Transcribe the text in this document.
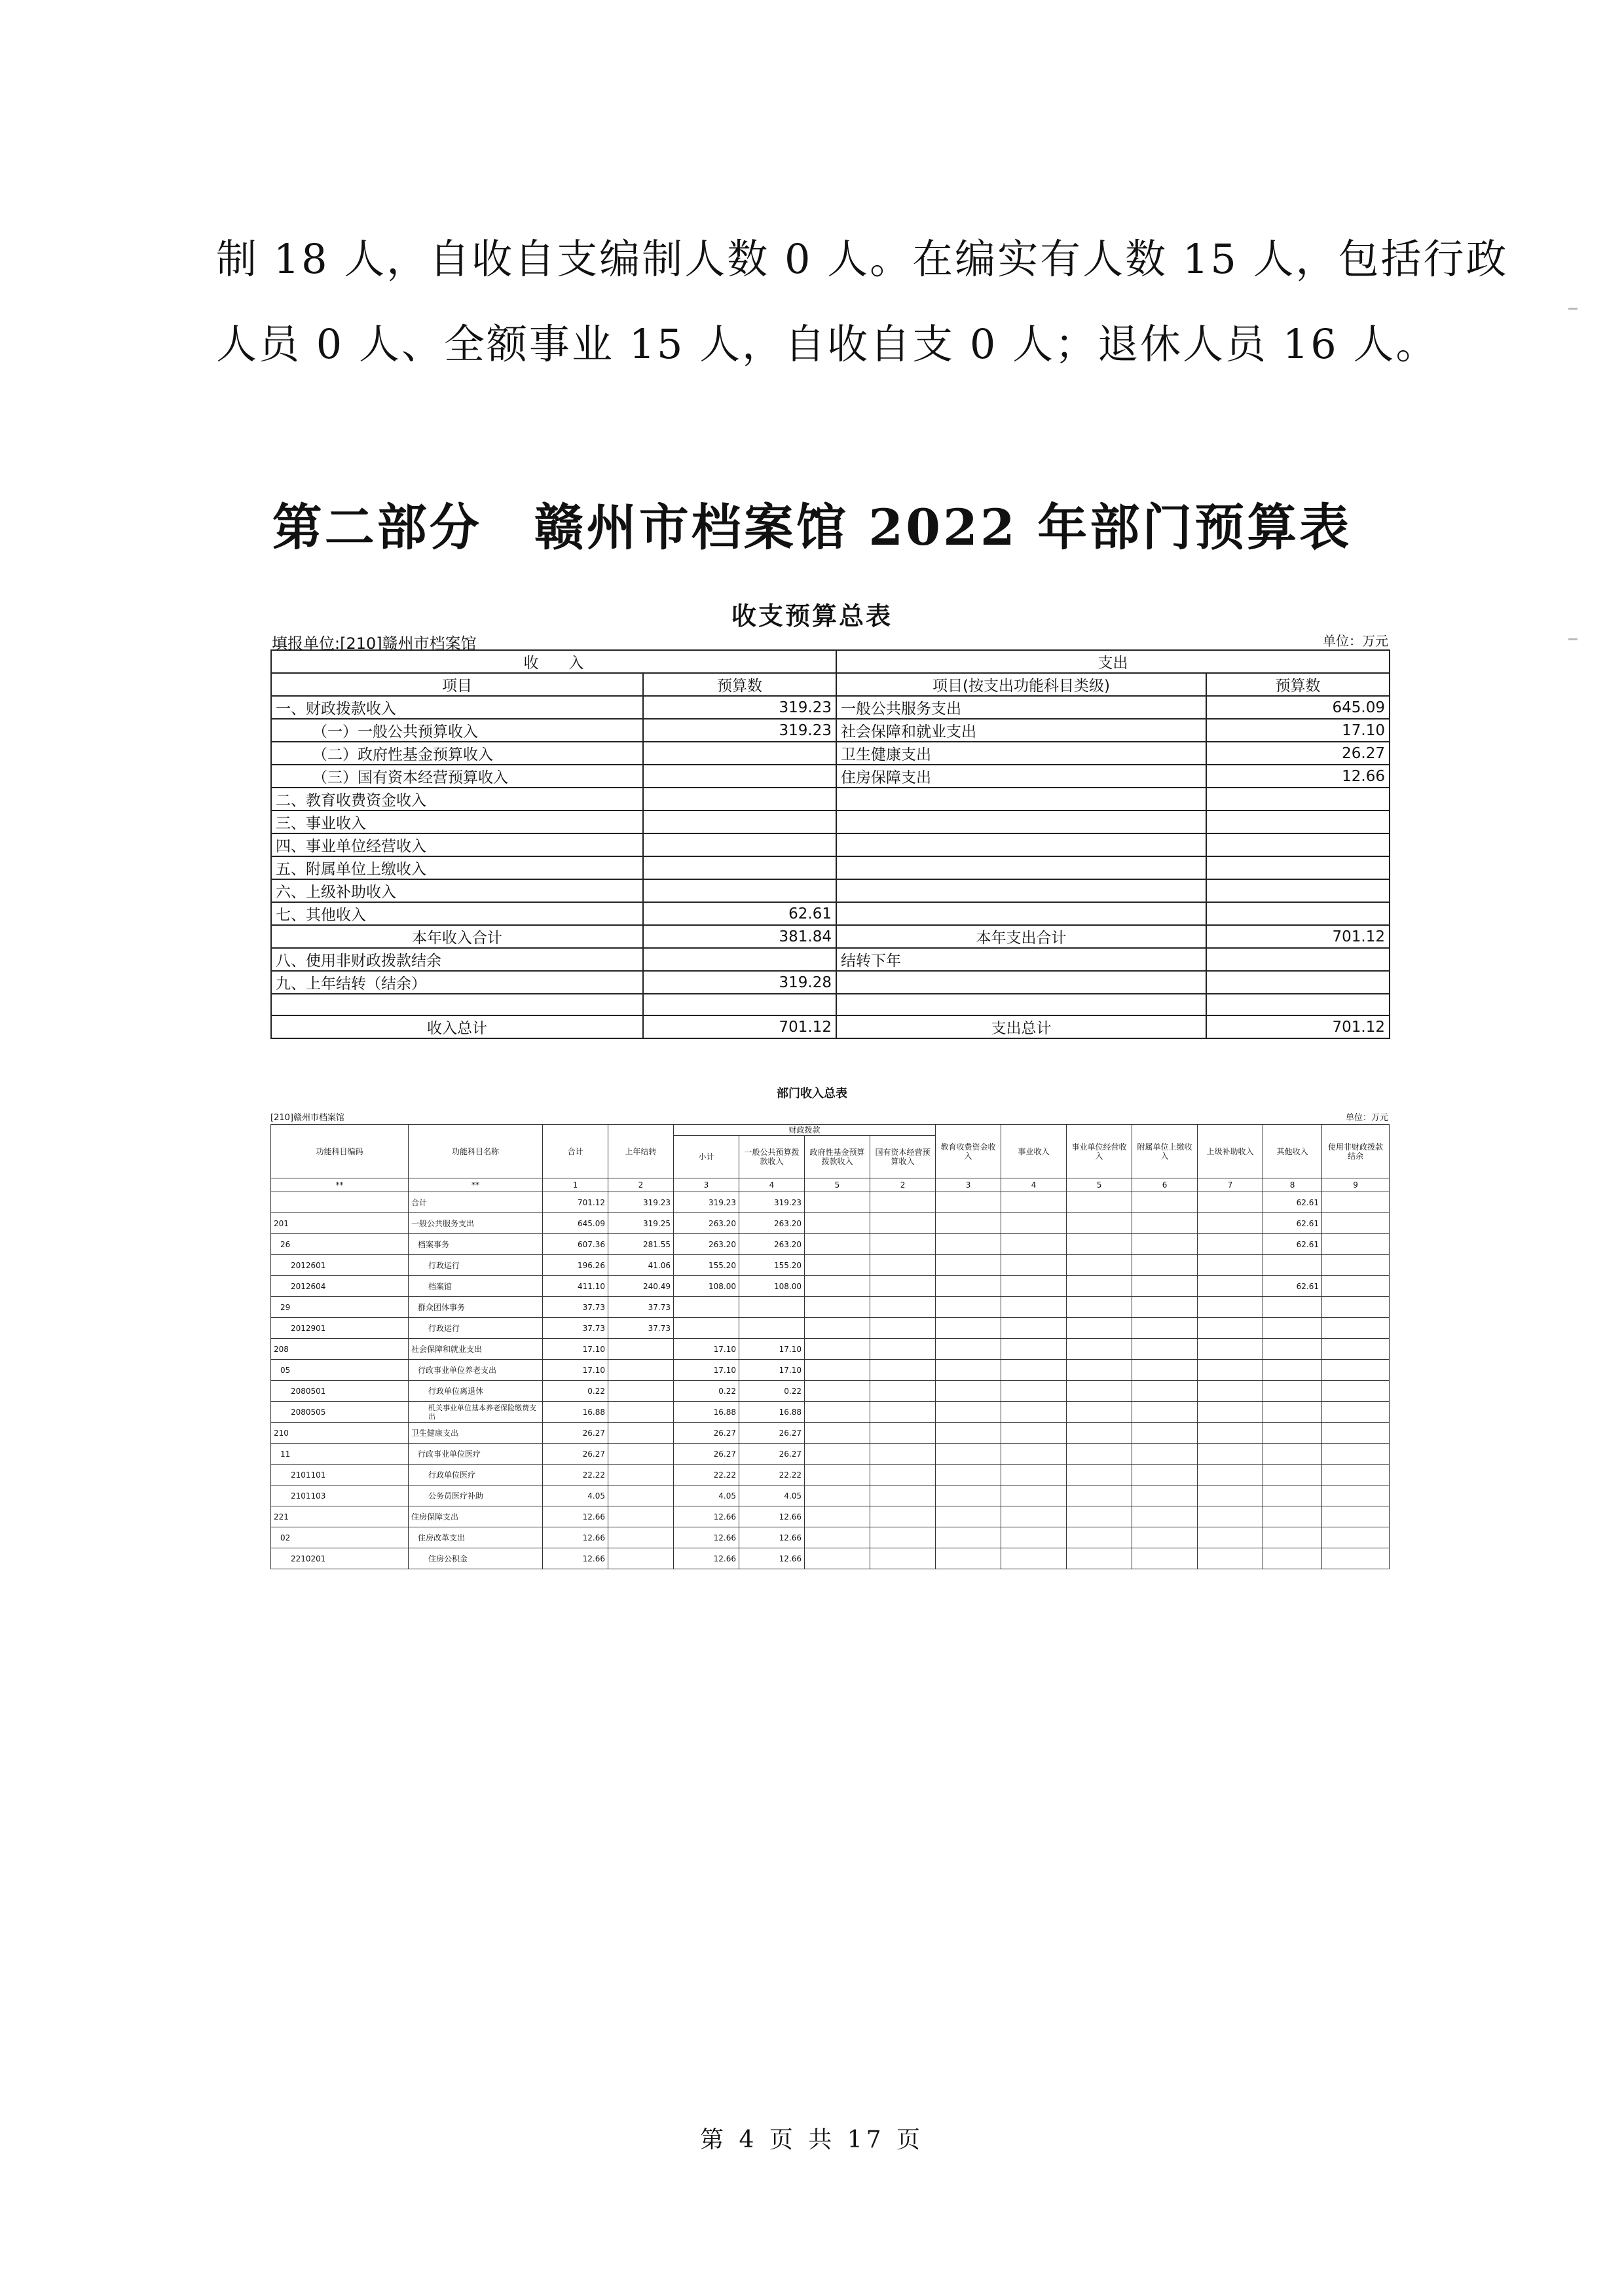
制 18 人，自收自支编制人数 0 人。在编实有人数 15 人，包括行政
人员 0 人、全额事业 15 人，自收自支 0 人；退休人员 16 人。
第二部分　赣州市档案馆 2022 年部门预算表
收支预算总表
填报单位:[210]赣州市档案馆	单位：万元
收　　入		支出	
项目	预算数	项目(按支出功能科目类级)	预算数
一、财政拨款收入	319.23	一般公共服务支出	645.09
（一）一般公共预算收入	319.23	社会保障和就业支出	17.10
（二）政府性基金预算收入		卫生健康支出	26.27
（三）国有资本经营预算收入		住房保障支出	12.66
二、教育收费资金收入			
三、事业收入			
四、事业单位经营收入			
五、附属单位上缴收入			
六、上级补助收入			
七、其他收入	62.61		
本年收入合计	381.84	本年支出合计	701.12
八、使用非财政拨款结余		结转下年	
九、上年结转（结余）	319.28		

收入总计	701.12	支出总计	701.12
部门收入总表
[210]赣州市档案馆	单位：万元
功能科目编码	功能科目名称	合计	上年结转	财政拨款				教育收费资金收入	事业收入	事业单位经营收入	附属单位上缴收入	上级补助收入	其他收入	使用非财政拨款结余
				小计	一般公共预算拨款收入	政府性基金预算拨款收入	国有资本经营预算收入							
**	**	1	2	3	4	5	2	3	4	5	6	7	8	9
	合计	701.12	319.23	319.23	319.23								62.61	
201	一般公共服务支出	645.09	319.25	263.20	263.20								62.61	
26	档案事务	607.36	281.55	263.20	263.20								62.61	
2012601	行政运行	196.26	41.06	155.20	155.20									
2012604	档案馆	411.10	240.49	108.00	108.00								62.61	
29	群众团体事务	37.73	37.73											
2012901	行政运行	37.73	37.73											
208	社会保障和就业支出	17.10		17.10	17.10									
05	行政事业单位养老支出	17.10		17.10	17.10									
2080501	行政单位离退休	0.22		0.22	0.22									
2080505	机关事业单位基本养老保险缴费支出	16.88		16.88	16.88									
210	卫生健康支出	26.27		26.27	26.27									
11	行政事业单位医疗	26.27		26.27	26.27									
2101101	行政单位医疗	22.22		22.22	22.22									
2101103	公务员医疗补助	4.05		4.05	4.05									
221	住房保障支出	12.66		12.66	12.66									
02	住房改革支出	12.66		12.66	12.66									
2210201	住房公积金	12.66		12.66	12.66									
第 4 页 共 17 页
